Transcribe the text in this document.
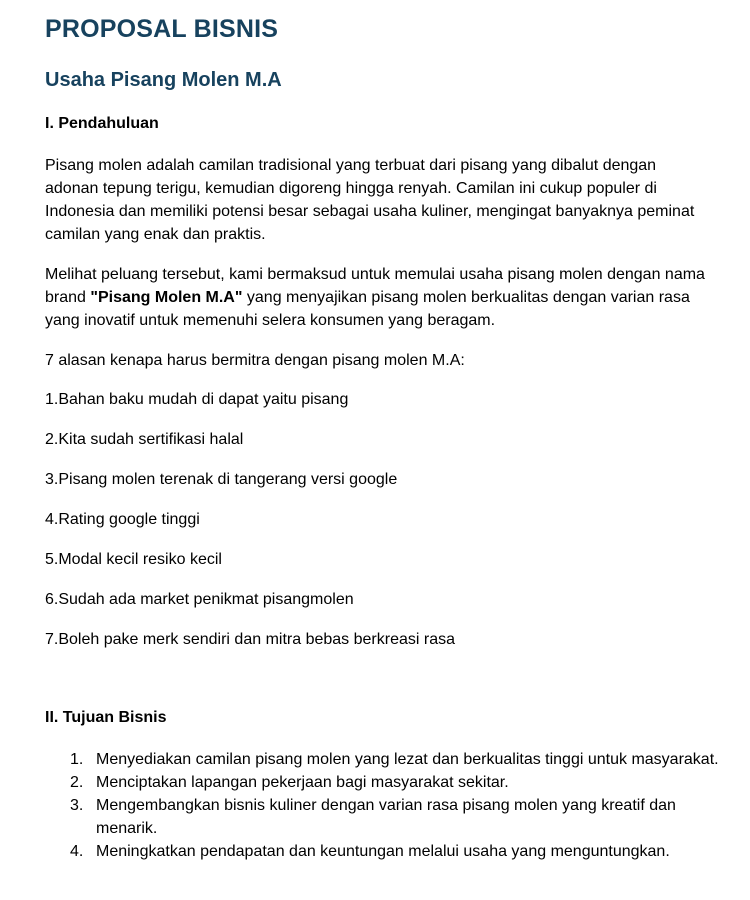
PROPOSAL BISNIS
Usaha Pisang Molen M.A
I. Pendahuluan

Pisang molen adalah camilan tradisional yang terbuat dari pisang yang dibalut dengan adonan tepung terigu, kemudian digoreng hingga renyah. Camilan ini cukup populer di Indonesia dan memiliki potensi besar sebagai usaha kuliner, mengingat banyaknya peminat camilan yang enak dan praktis.

Melihat peluang tersebut, kami bermaksud untuk memulai usaha pisang molen dengan nama brand "Pisang Molen M.A" yang menyajikan pisang molen berkualitas dengan varian rasa yang inovatif untuk memenuhi selera konsumen yang beragam.

7 alasan kenapa harus bermitra dengan pisang molen M.A:

1.Bahan baku mudah di dapat yaitu pisang
2.Kita sudah sertifikasi halal
3.Pisang molen terenak di tangerang versi google
4.Rating google tinggi
5.Modal kecil resiko kecil
6.Sudah ada market penikmat pisangmolen
7.Boleh pake merk sendiri dan mitra bebas berkreasi rasa
II. Tujuan Bisnis
1. Menyediakan camilan pisang molen yang lezat dan berkualitas tinggi untuk masyarakat.
2. Menciptakan lapangan pekerjaan bagi masyarakat sekitar.
3. Mengembangkan bisnis kuliner dengan varian rasa pisang molen yang kreatif dan menarik.
4. Meningkatkan pendapatan dan keuntungan melalui usaha yang menguntungkan.
